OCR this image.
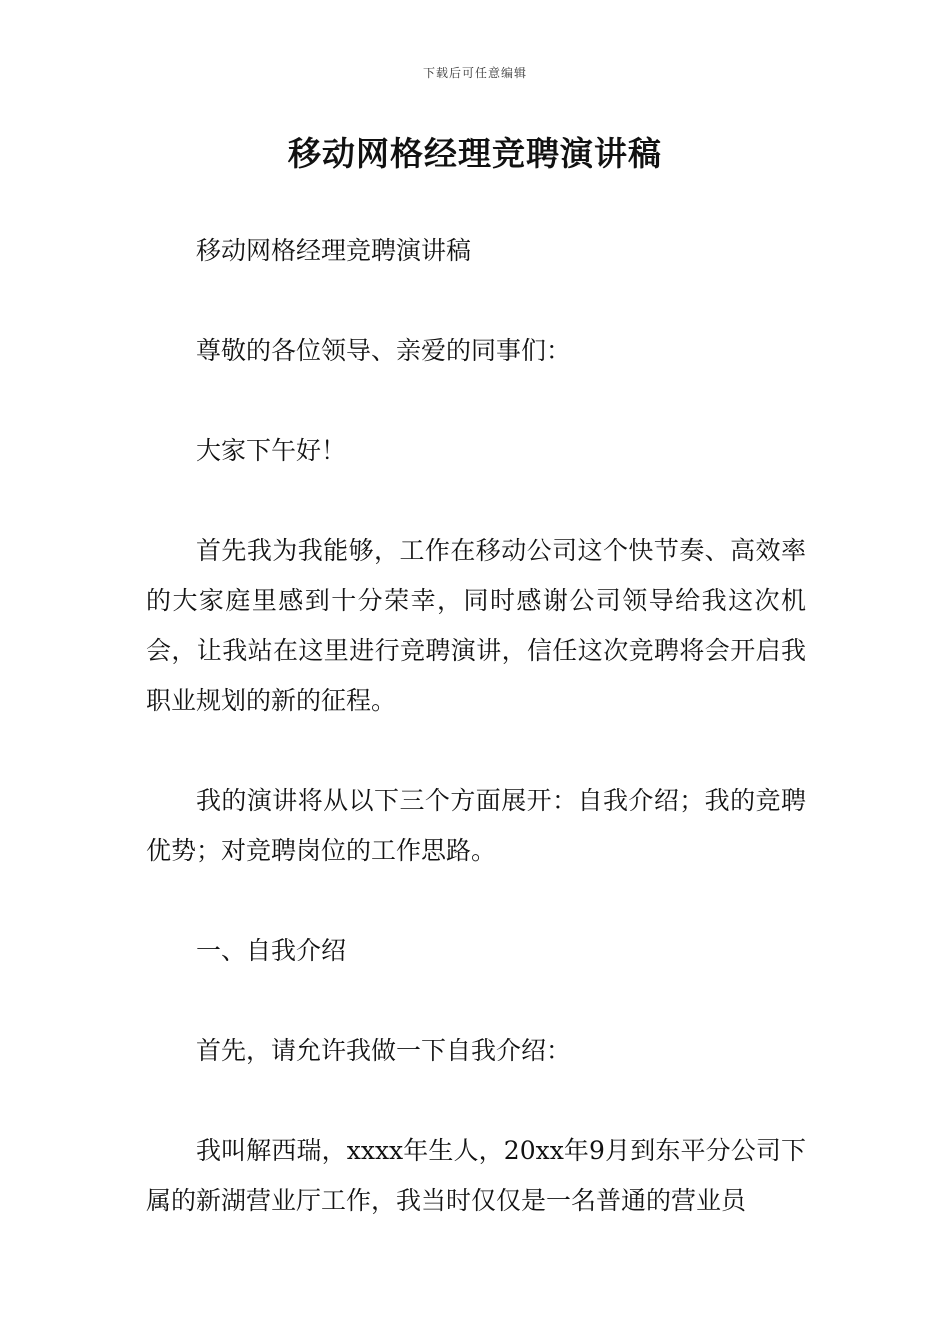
下载后可任意编辑
移动网格经理竞聘演讲稿

移动网格经理竞聘演讲稿

尊敬的各位领导、亲爱的同事们：

大家下午好！

首先我为我能够，工作在移动公司这个快节奏、高效率的大家庭里感到十分荣幸，同时感谢公司领导给我这次机会，让我站在这里进行竞聘演讲，信任这次竞聘将会开启我职业规划的新的征程。

我的演讲将从以下三个方面展开：自我介绍；我的竞聘优势；对竞聘岗位的工作思路。

一、自我介绍

首先，请允许我做一下自我介绍：

我叫解西瑞，xxxx年生人，20xx年9月到东平分公司下属的新湖营业厅工作，我当时仅仅是一名普通的营业员
